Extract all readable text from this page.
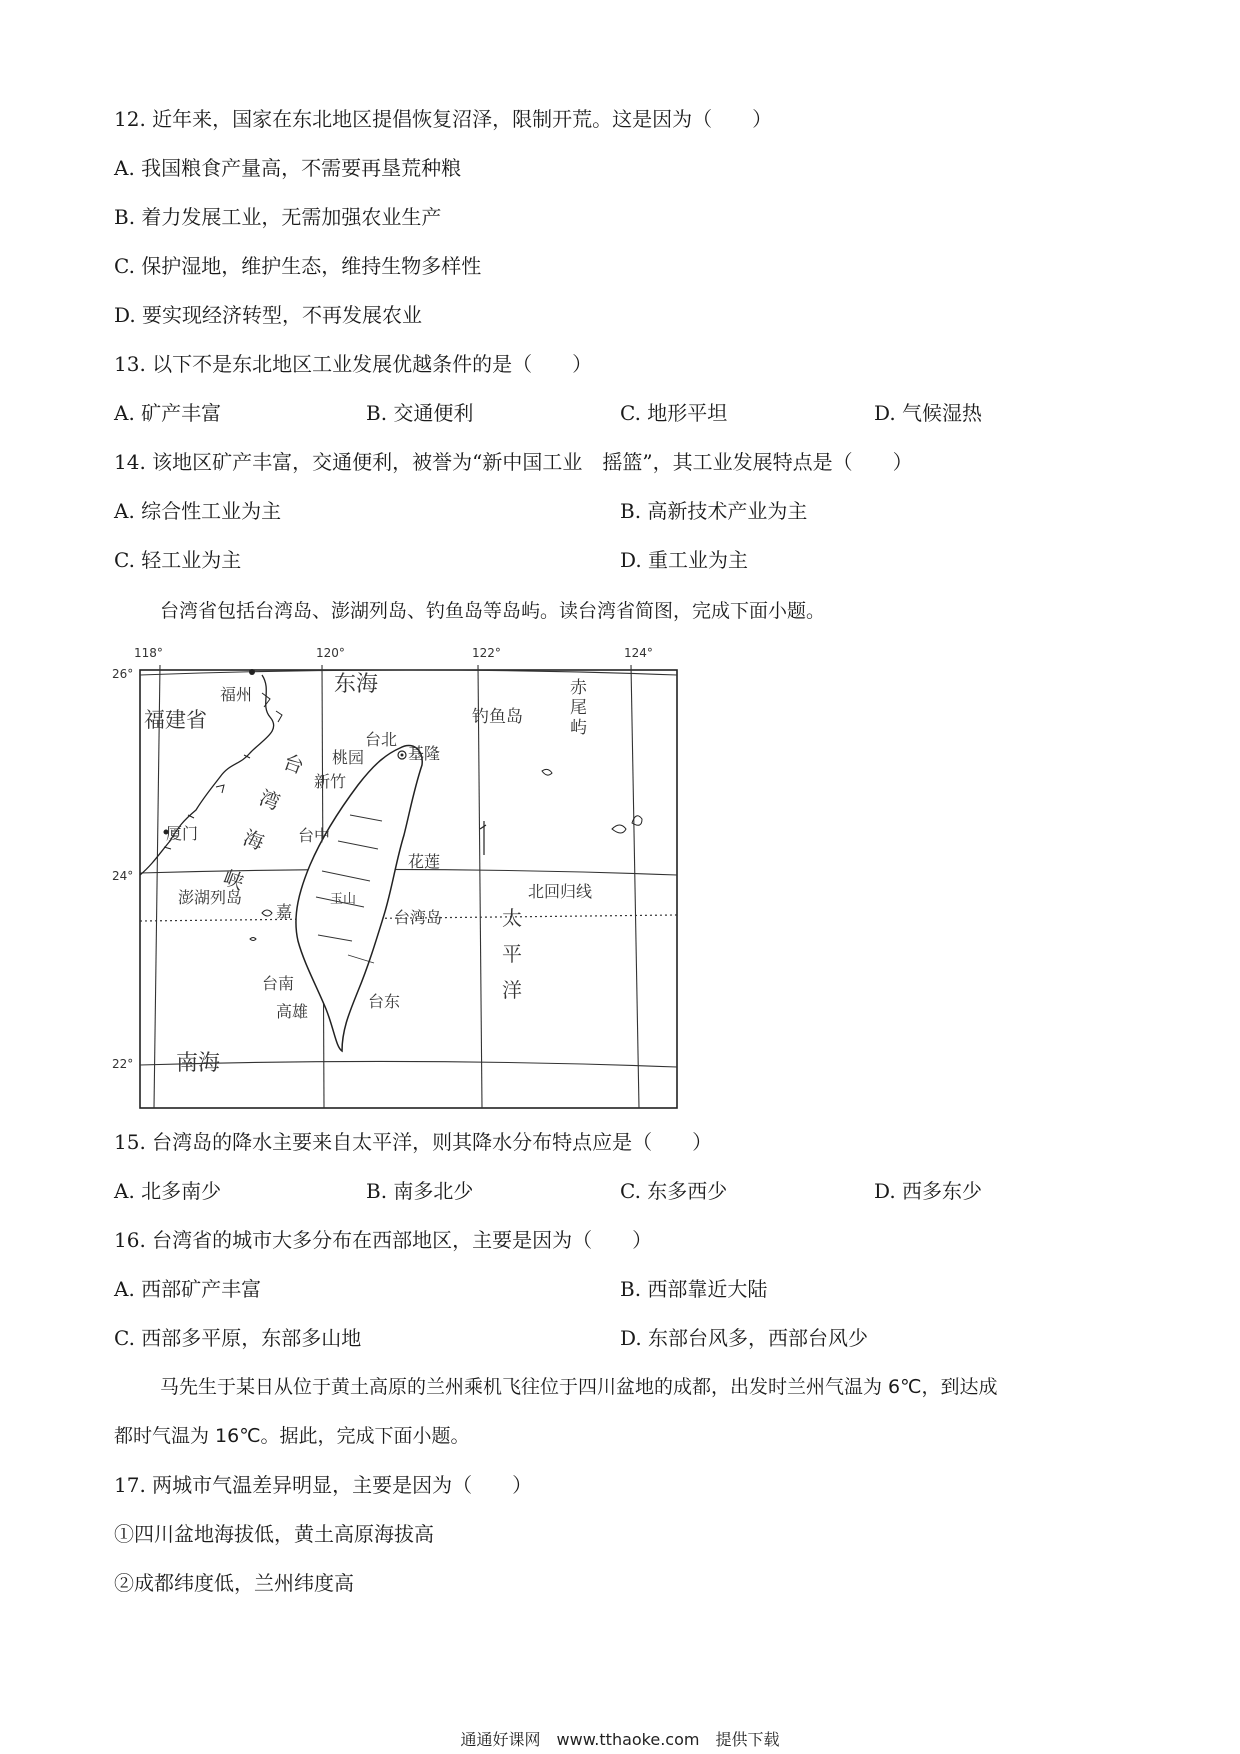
12. 近年来，国家在东北地区提倡恢复沼泽，限制开荒。这是因为（　　）
A. 我国粮食产量高，不需要再垦荒种粮
B. 着力发展工业，无需加强农业生产
C. 保护湿地，维护生态，维持生物多样性
D. 要实现经济转型，不再发展农业
13. 以下不是东北地区工业发展优越条件的是（　　）
A. 矿产丰富	B. 交通便利	C. 地形平坦	D. 气候湿热
14. 该地区矿产丰富，交通便利，被誉为“新中国工业　摇篮”，其工业发展特点是（　　）
A. 综合性工业为主	B. 高新技术产业为主
C. 轻工业为主	D. 重工业为主
台湾省包括台湾岛、澎湖列岛、钓鱼岛等岛屿。读台湾省简图，完成下面小题。
118°	120°	122°	124°
26°
24°
22°
东海
南海
福建省
福州
厦门
台
湾
海
峡
钓鱼岛
赤
尾
屿
台北
基隆
桃园
新竹
台中
花莲
澎湖列岛	玉山
嘉	台湾岛
北回归线
太
平
洋
台南
高雄
台东
15. 台湾岛的降水主要来自太平洋，则其降水分布特点应是（　　）
A. 北多南少	B. 南多北少	C. 东多西少	D. 西多东少
16. 台湾省的城市大多分布在西部地区，主要是因为（　　）
A. 西部矿产丰富	B. 西部靠近大陆
C. 西部多平原，东部多山地	D. 东部台风多，西部台风少
马先生于某日从位于黄土高原的兰州乘机飞往位于四川盆地的成都，出发时兰州气温为 6℃，到达成
都时气温为 16℃。据此，完成下面小题。
17. 两城市气温差异明显，主要是因为（　　）
①四川盆地海拔低，黄土高原海拔高
②成都纬度低，兰州纬度高
通通好课网　www.tthaoke.com　提供下载
